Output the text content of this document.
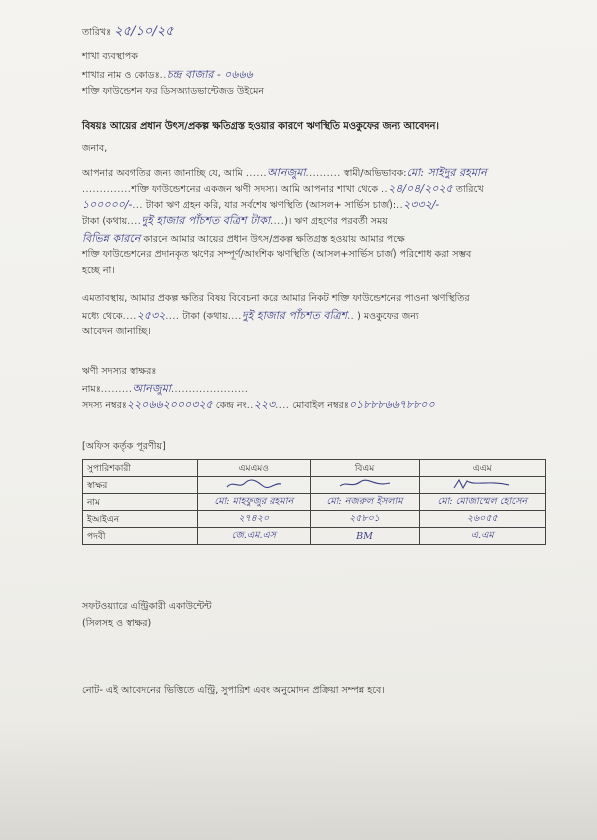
তারিখঃ ২৫/১০/২৫
শাখা ব্যবস্থাপক
শাখার নাম ও কোডঃ..চন্দ্র বাজার - ০৬৬৬
শক্তি ফাউন্ডেশন ফর ডিসঅ্যাডভান্টেজড উইমেন
বিষয়ঃ আয়ের প্রধান উৎস/প্রকল্প ক্ষতিগ্রস্ত হওয়ার কারণে ঋণস্থিতি মওকুফের জন্য আবেদন।
জনাব,
আপনার অবগতির জন্য জানাচ্ছি যে, আমি ......আনজুমা.......... স্বামী/অভিভাবক:মো: সাইদুর রহমান
..............শক্তি ফাউন্ডেশনের একজন ঋণী সদস্য। আমি আপনার শাখা থেকে ..২৪/০৪/২০২৫ তারিখে
১০০০০০/-... টাকা ঋণ গ্রহন করি, যার সর্বশেষ ঋণস্থিতি (আসল+ সার্ভিস চার্জ):..২৩৩২/-
টাকা (কথায়....দুই হাজার পাঁচশত বত্রিশ টাকা....)। ঋণ গ্রহণের পরবর্তী সময়
বিভিন্ন কারনে কারনে আমার আয়ের প্রধান উৎস/প্রকল্প ক্ষতিগ্রস্ত হওয়ায় আমার পক্ষে
শক্তি ফাউন্ডেশনের প্রদানকৃত ঋণের সম্পূর্ণ/আংশিক ঋণস্থিতি (আসল+সার্ভিস চার্জ) পরিশোধ করা সম্ভব
হচ্ছে না।
এমতাবস্থায়, আমার প্রকল্প ক্ষতির বিষয় বিবেচনা করে আমার নিকট শক্তি ফাউন্ডেশনের পাওনা ঋণস্থিতির
মধ্যে থেকে....২৫৩২.... টাকা (কথায়....দুই হাজার পাঁচশত বত্রিশ.. ) মওকুফের জন্য
আবেদন জানাচ্ছি।
ঋণী সদস্যর স্বাক্ষরঃ
নামঃ.........আনজুমা......................
সদস্য নম্বরঃ২২০৬৬২০০০৩২৫ কেন্দ্র নং..২২৩.... মোবাইল নম্বরঃ০১৮৮৮৬৬৭৮৮০০
[অফিস কর্তৃক পূরণীয়]
সুপারিশকারী	এমএমও	বিএম	এএম
স্বাক্ষর	

নাম	মো: মাহফুজুর রহমান	মো: নজরুল ইসলাম	মো: মোজাম্মেল হোসেন
ইআইএন	২৭৪২০	২৫৮০১	২৬০৫৫
পদবী	জে.এম.এস	BM	এ.এম
সফটওয়্যারে এন্ট্রিকারী একাউন্টেন্ট
(সিলসহ ও স্বাক্ষর)
নোট- এই আবেদনের ভিত্তিতে এন্ট্রি, সুপারিশ এবং অনুমোদন প্রক্রিয়া সম্পন্ন হবে।
